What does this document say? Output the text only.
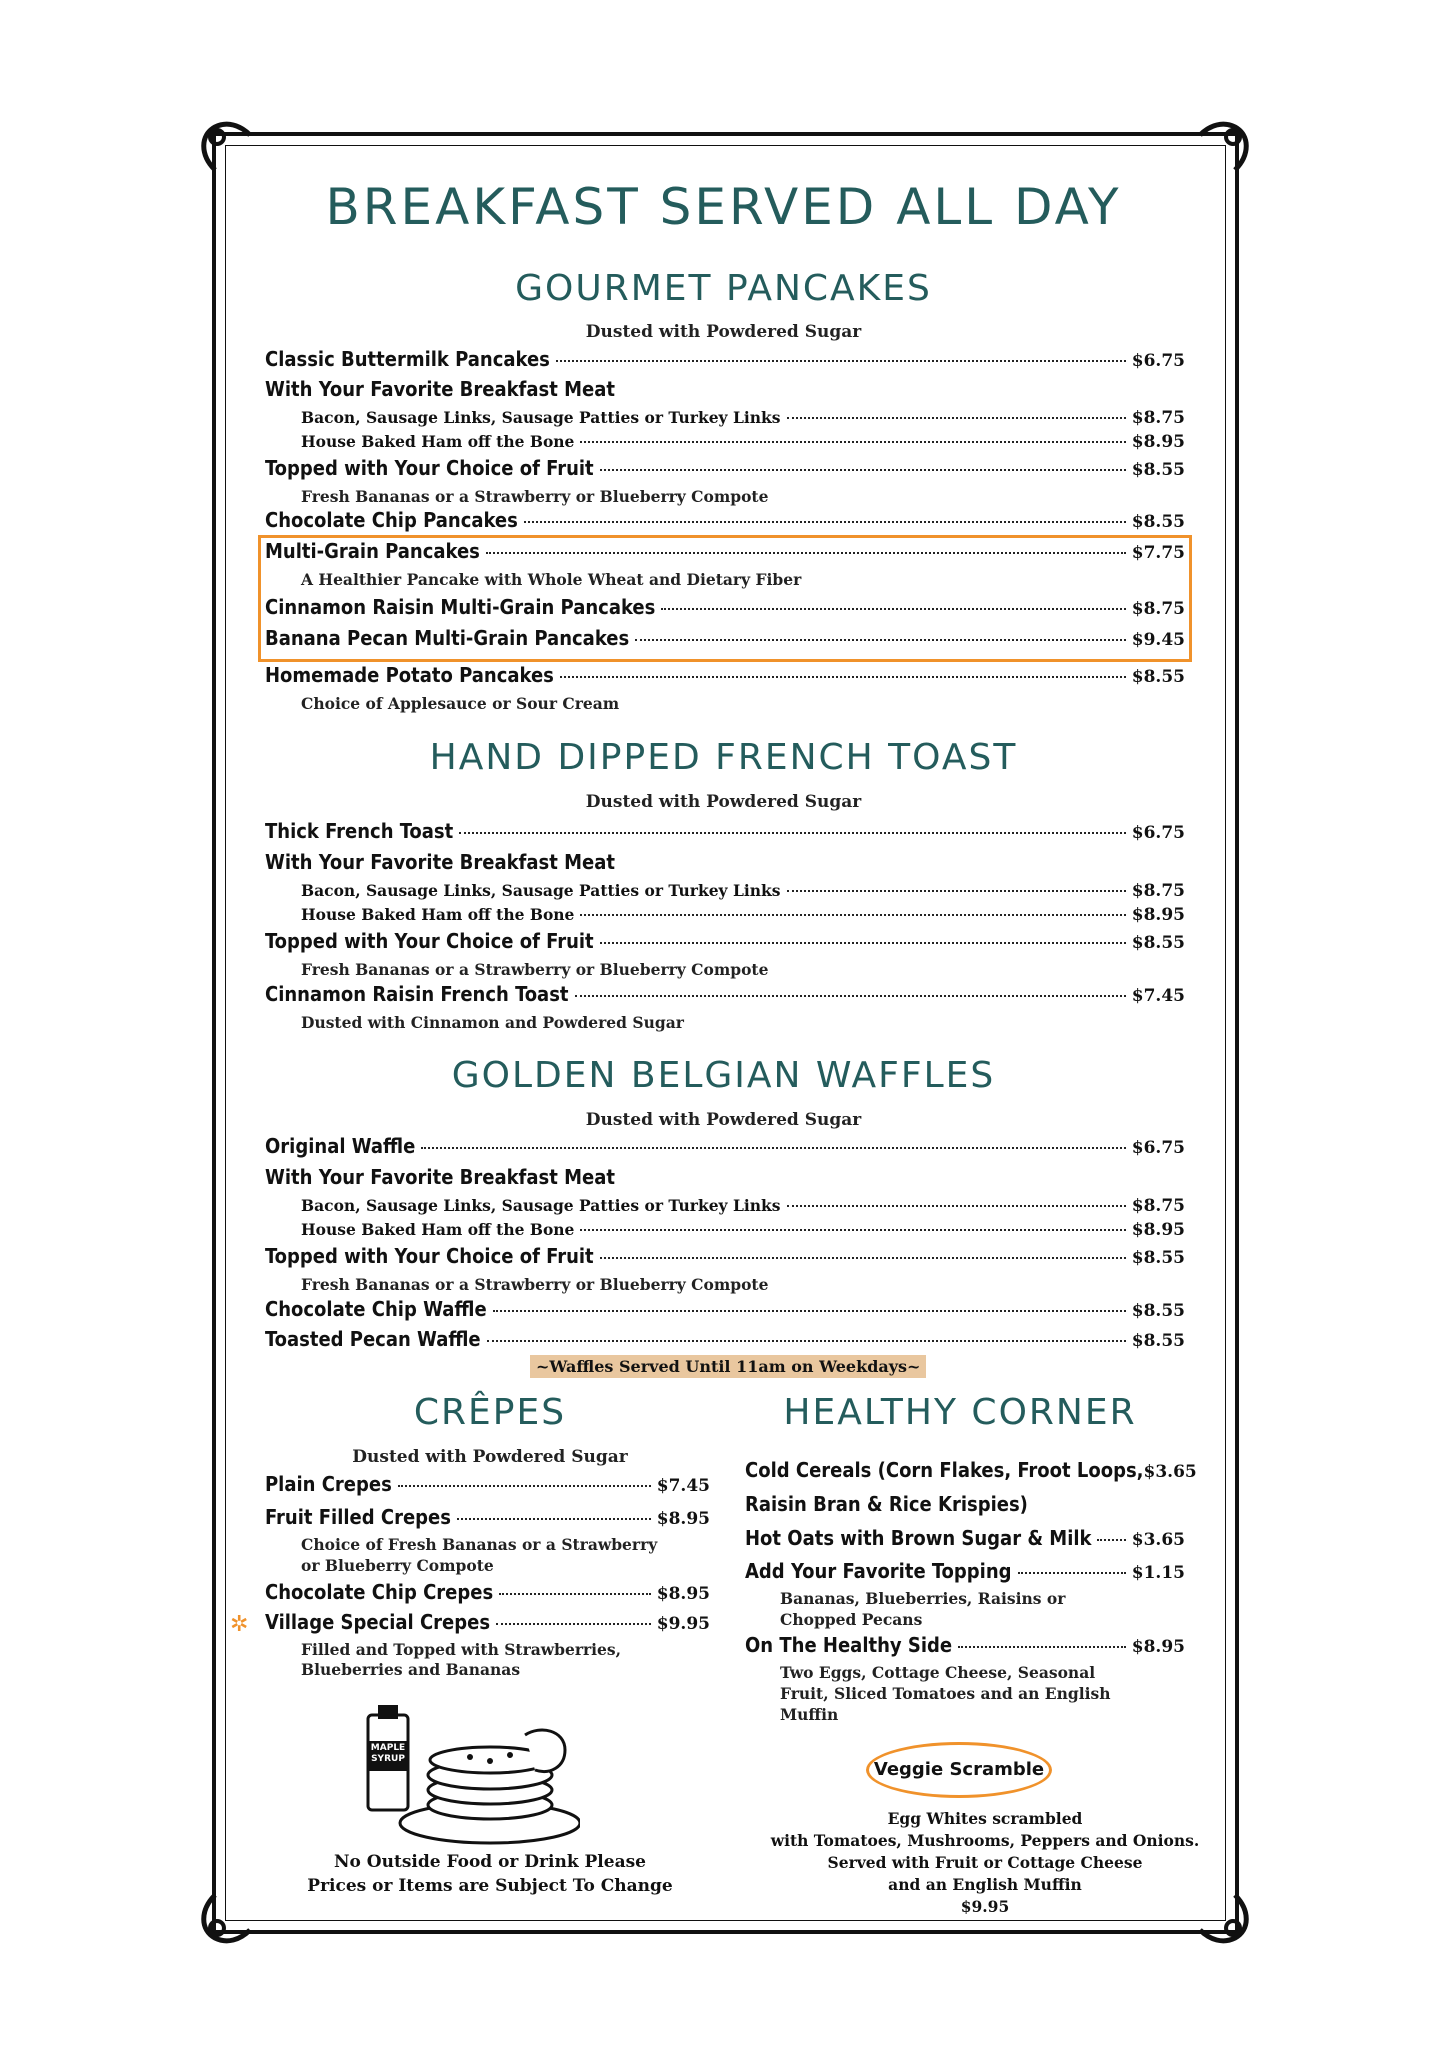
BREAKFAST SERVED ALL DAY
GOURMET PANCAKES
Dusted with Powdered Sugar
Classic Buttermilk Pancakes	$6.75
With Your Favorite Breakfast Meat
Bacon, Sausage Links, Sausage Patties or Turkey Links	$8.75
House Baked Ham off the Bone	$8.95
Topped with Your Choice of Fruit	$8.55
Fresh Bananas or a Strawberry or Blueberry Compote
Chocolate Chip Pancakes	$8.55
Multi-Grain Pancakes	$7.75
A Healthier Pancake with Whole Wheat and Dietary Fiber
Cinnamon Raisin Multi-Grain Pancakes	$8.75
Banana Pecan Multi-Grain Pancakes	$9.45
Homemade Potato Pancakes	$8.55
Choice of Applesauce or Sour Cream
HAND DIPPED FRENCH TOAST
Dusted with Powdered Sugar
Thick French Toast	$6.75
With Your Favorite Breakfast Meat
Bacon, Sausage Links, Sausage Patties or Turkey Links	$8.75
House Baked Ham off the Bone	$8.95
Topped with Your Choice of Fruit	$8.55
Fresh Bananas or a Strawberry or Blueberry Compote
Cinnamon Raisin French Toast	$7.45
Dusted with Cinnamon and Powdered Sugar
GOLDEN BELGIAN WAFFLES
Dusted with Powdered Sugar
Original Waffle	$6.75
With Your Favorite Breakfast Meat
Bacon, Sausage Links, Sausage Patties or Turkey Links	$8.75
House Baked Ham off the Bone	$8.95
Topped with Your Choice of Fruit	$8.55
Fresh Bananas or a Strawberry or Blueberry Compote
Chocolate Chip Waffle	$8.55
Toasted Pecan Waffle	$8.55
~Waffles Served Until 11am on Weekdays~
CRÊPES
Dusted with Powdered Sugar
Plain Crepes	$7.45
Fruit Filled Crepes	$8.95
Choice of Fresh Bananas or a Strawberry
or Blueberry Compote
Chocolate Chip Crepes	$8.95
✲ Village Special Crepes	$9.95
Filled and Topped with Strawberries,
Blueberries and Bananas
MAPLE SYRUP
No Outside Food or Drink Please
Prices or Items are Subject To Change
HEALTHY CORNER
Cold Cereals (Corn Flakes, Froot Loops, $3.65
Raisin Bran & Rice Krispies)
Hot Oats with Brown Sugar & Milk $3.65
Add Your Favorite Topping	$1.15
Bananas, Blueberries, Raisins or
Chopped Pecans
On The Healthy Side	$8.95
Two Eggs, Cottage Cheese, Seasonal
Fruit, Sliced Tomatoes and an English
Muffin
Veggie Scramble
Egg Whites scrambled
with Tomatoes, Mushrooms, Peppers and Onions.
Served with Fruit or Cottage Cheese
and an English Muffin
$9.95
